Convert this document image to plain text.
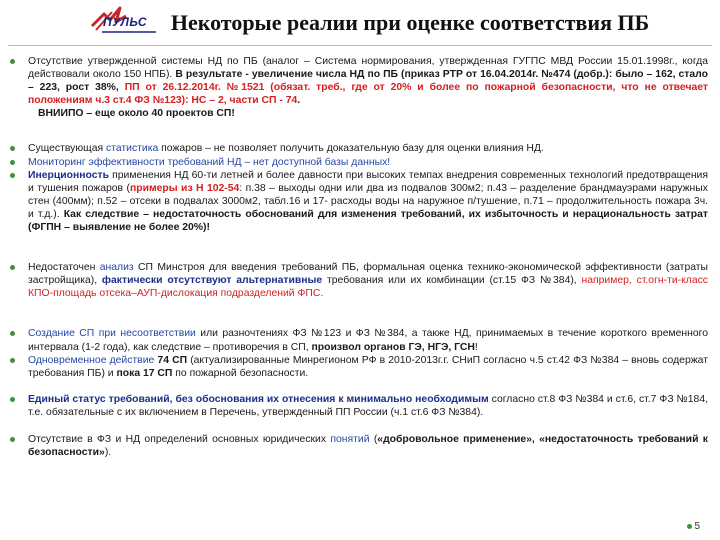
ПУЛЬС	Некоторые реалии при оценке соответствия ПБ
Отсутствие утвержденной системы НД по ПБ (аналог – Система нормирования, утвержденная ГУГПС МВД России 15.01.1998г., когда действовали около 150 НПБ). В результате - увеличение числа НД по ПБ (приказ РТР от 16.04.2014г. №474 (добр.): было – 162, стало – 223, рост 38%, ПП от 26.12.2014г. №1521 (обязат. треб., где от 20% и более по пожарной безопасности, что не отвечает положениям ч.3 ст.4 ФЗ №123): НС – 2, части СП - 74.
ВНИИПО – еще около 40 проектов СП!
Существующая статистика пожаров – не позволяет получить доказательную базу для оценки влияния НД.
Мониторинг эффективности требований НД – нет доступной базы данных!
Инерционность применения НД 60-ти летней и более давности при высоких темпах внедрения современных технологий предотвращения и тушения пожаров (примеры из Н 102-54: п.38 – выходы одни или два из подвалов 300м2; п.43 – разделение брандмауэрами наружных стен (400мм); п.52 – отсеки в подвалах 3000м2, табл.16 и 17- расходы воды на наружное п/тушение, п.71 – продолжительность пожара 3ч. и т.д.). Как следствие – недостаточность обоснований для изменения требований, их избыточность и нерациональность затрат (ФГПН – выявление не более 20%)!
Недостаточен анализ СП Минстроя для введения требований ПБ, формальная оценка технико-экономической эффективности (затраты застройщика), фактически отсутствуют альтернативные требования или их комбинации (ст.15 ФЗ №384), например, ст.огн-ти-класс КПО-площадь отсека–АУП-дислокация подразделений ФПС.
Создание СП при несоответствии или разночтениях ФЗ №123 и ФЗ №384, а также НД, принимаемых в течение короткого временного интервала (1-2 года), как следствие – противоречия в СП, произвол органов ГЭ, НГЭ, ГСН!
Одновременное действие 74 СП (актуализированные Минрегионом РФ в 2010-2013г.г. СНиП согласно ч.5 ст.42 ФЗ №384 – вновь содержат требования ПБ) и пока 17 СП по пожарной безопасности.
Единый статус требований, без обоснования их отнесения к минимально необходимым согласно ст.8 ФЗ №384 и ст.6, ст.7 ФЗ №184, т.е. обязательные с их включением в Перечень, утвержденный ПП России (ч.1 ст.6 ФЗ №384).
Отсутствие в ФЗ и НД определений основных юридических понятий («добровольное применение», «недостаточность требований к безопасности»).
5
